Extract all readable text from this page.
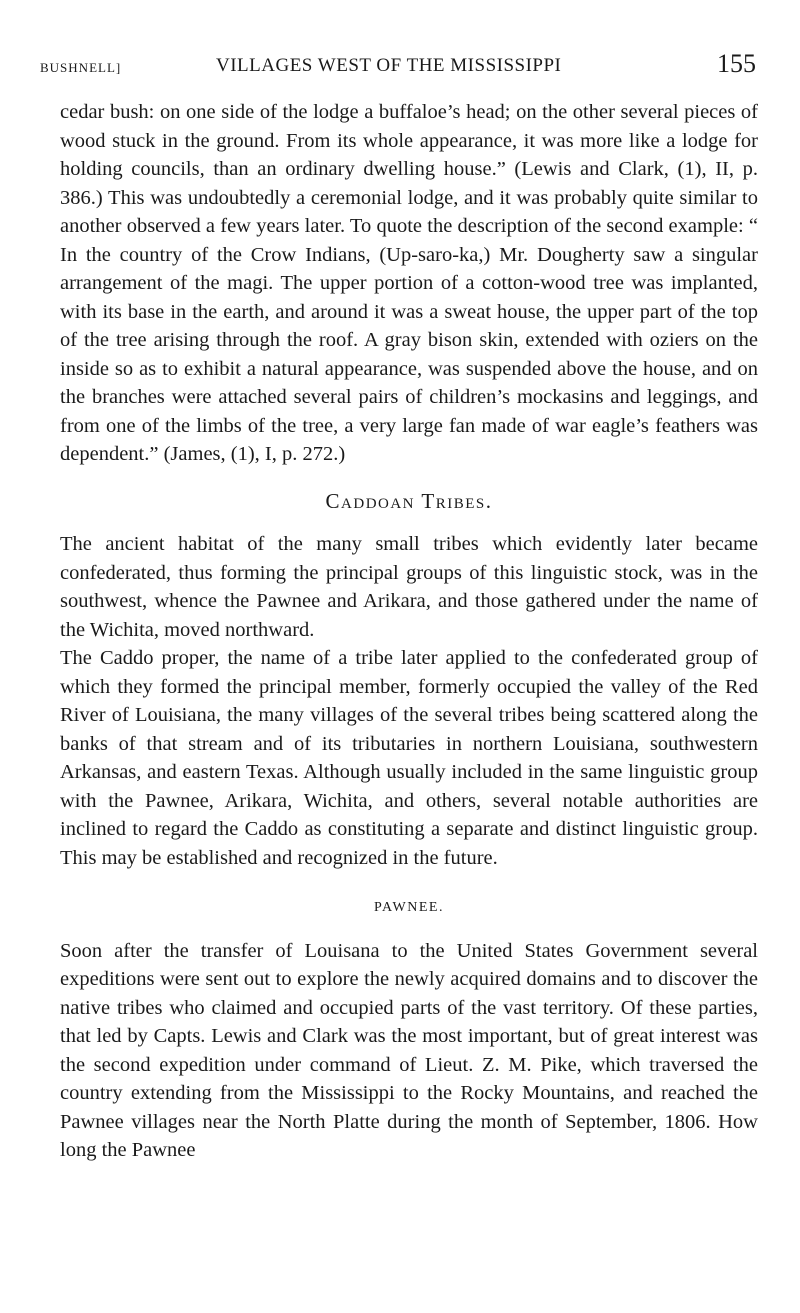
BUSHNELL]	VILLAGES WEST OF THE MISSISSIPPI	155

cedar bush: on one side of the lodge a buffaloe’s head; on the other several pieces of wood stuck in the ground. From its whole appearance, it was more like a lodge for holding councils, than an ordinary dwelling house.” (Lewis and Clark, (1), II, p. 386.) This was undoubtedly a ceremonial lodge, and it was probably quite similar to another observed a few years later. To quote the description of the second example: “ In the country of the Crow Indians, (Up-saro-ka,) Mr. Dougherty saw a singular arrangement of the magi. The upper portion of a cotton-wood tree was implanted, with its base in the earth, and around it was a sweat house, the upper part of the top of the tree arising through the roof. A gray bison skin, extended with oziers on the inside so as to exhibit a natural appearance, was suspended above the house, and on the branches were attached several pairs of children’s mockasins and leggings, and from one of the limbs of the tree, a very large fan made of war eagle’s feathers was dependent.” (James, (1), I, p. 272.)

Caddoan Tribes.

The ancient habitat of the many small tribes which evidently later became confederated, thus forming the principal groups of this linguistic stock, was in the southwest, whence the Pawnee and Arikara, and those gathered under the name of the Wichita, moved northward.

The Caddo proper, the name of a tribe later applied to the confederated group of which they formed the principal member, formerly occupied the valley of the Red River of Louisiana, the many villages of the several tribes being scattered along the banks of that stream and of its tributaries in northern Louisiana, southwestern Arkansas, and eastern Texas. Although usually included in the same linguistic group with the Pawnee, Arikara, Wichita, and others, several notable authorities are inclined to regard the Caddo as constituting a separate and distinct linguistic group. This may be established and recognized in the future.

PAWNEE.

Soon after the transfer of Louisana to the United States Government several expeditions were sent out to explore the newly acquired domains and to discover the native tribes who claimed and occupied parts of the vast territory. Of these parties, that led by Capts. Lewis and Clark was the most important, but of great interest was the second expedition under command of Lieut. Z. M. Pike, which traversed the country extending from the Mississippi to the Rocky Mountains, and reached the Pawnee villages near the North Platte during the month of September, 1806. How long the Pawnee
